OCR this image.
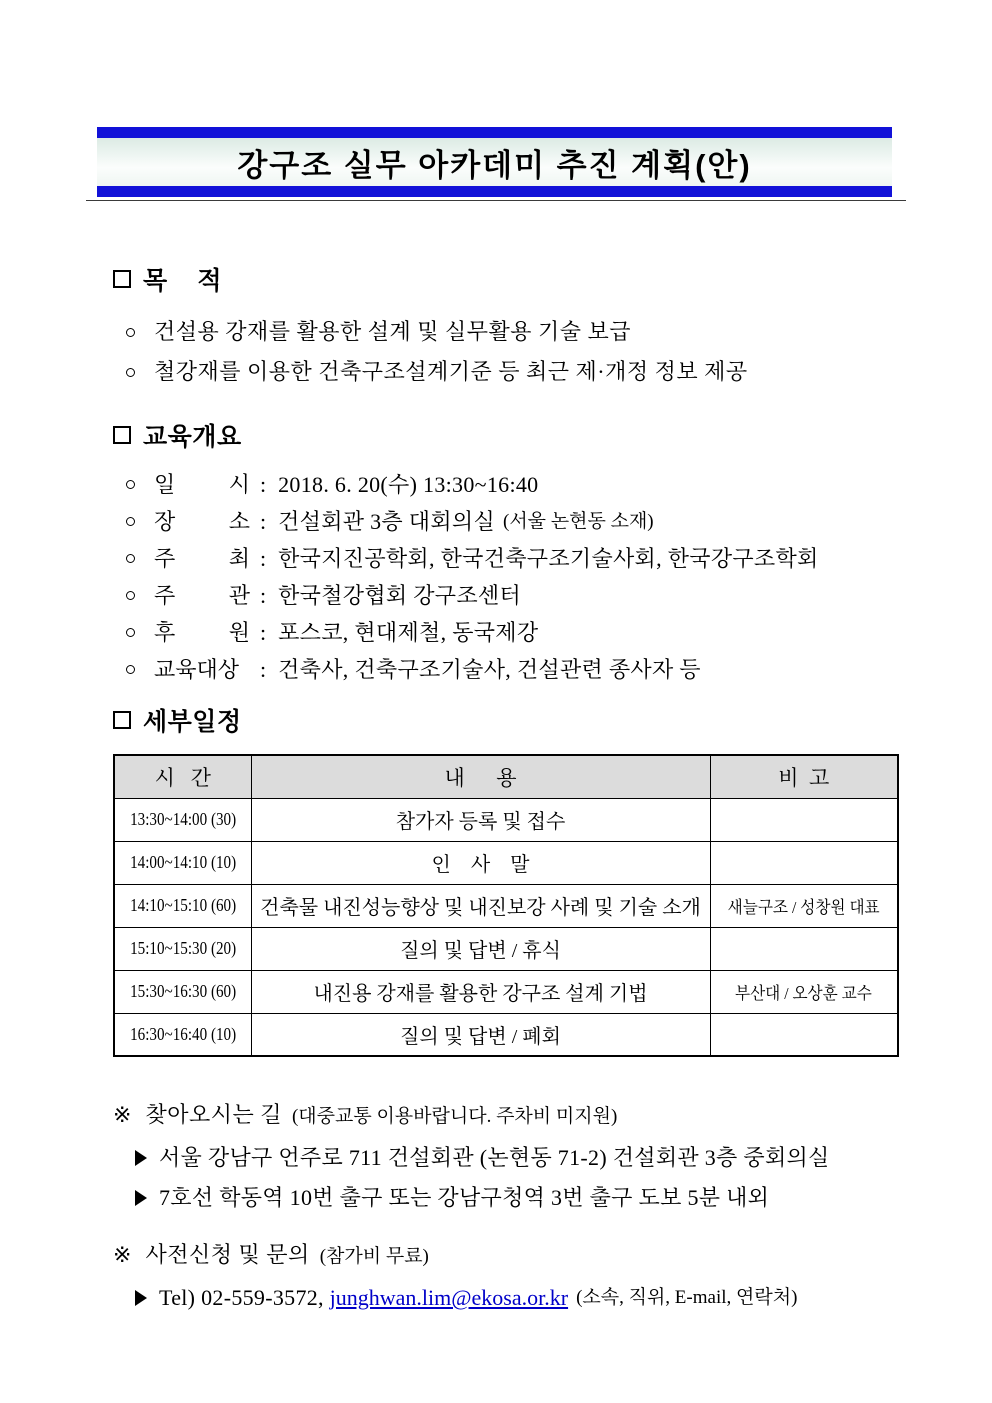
강구조 실무 아카데미 추진 계획(안)
목    적
건설용 강재를 활용한 설계 및 실무활용 기술 보급
철강재를 이용한 건축구조설계기준 등 최근 제·개정 정보 제공
교육개요
일 시 : 2018. 6. 20(수) 13:30~16:40
장 소 : 건설회관 3층 대회의실 (서울 논현동 소재)
주 최 : 한국지진공학회, 한국건축구조기술사회, 한국강구조학회
주 관 : 한국철강협회 강구조센터
후 원 : 포스코, 현대제철, 동국제강
교육대상 : 건축사, 건축구조기술사, 건설관련 종사자 등
세부일정
시   간	내      용	비  고
13:30~14:00 (30)	참가자 등록 및 접수	
14:00~14:10 (10)	인    사    말	
14:10~15:10 (60)	건축물 내진성능향상 및 내진보강 사례 및 기술 소개	새늘구조 / 성창원 대표
15:10~15:30 (20)	질의 및 답변 / 휴식	
15:30~16:30 (60)	내진용 강재를 활용한 강구조 설계 기법	부산대 / 오상훈 교수
16:30~16:40 (10)	질의 및 답변 / 폐회	
※ 찾아오시는 길 (대중교통 이용바랍니다. 주차비 미지원)
서울 강남구 언주로 711 건설회관 (논현동 71-2) 건설회관 3층 중회의실
7호선 학동역 10번 출구 또는 강남구청역 3번 출구 도보 5분 내외
※ 사전신청 및 문의 (참가비 무료)
Tel) 02-559-3572,
junghwan.lim@ekosa.or.kr (소속, 직위, E-mail, 연락처)
